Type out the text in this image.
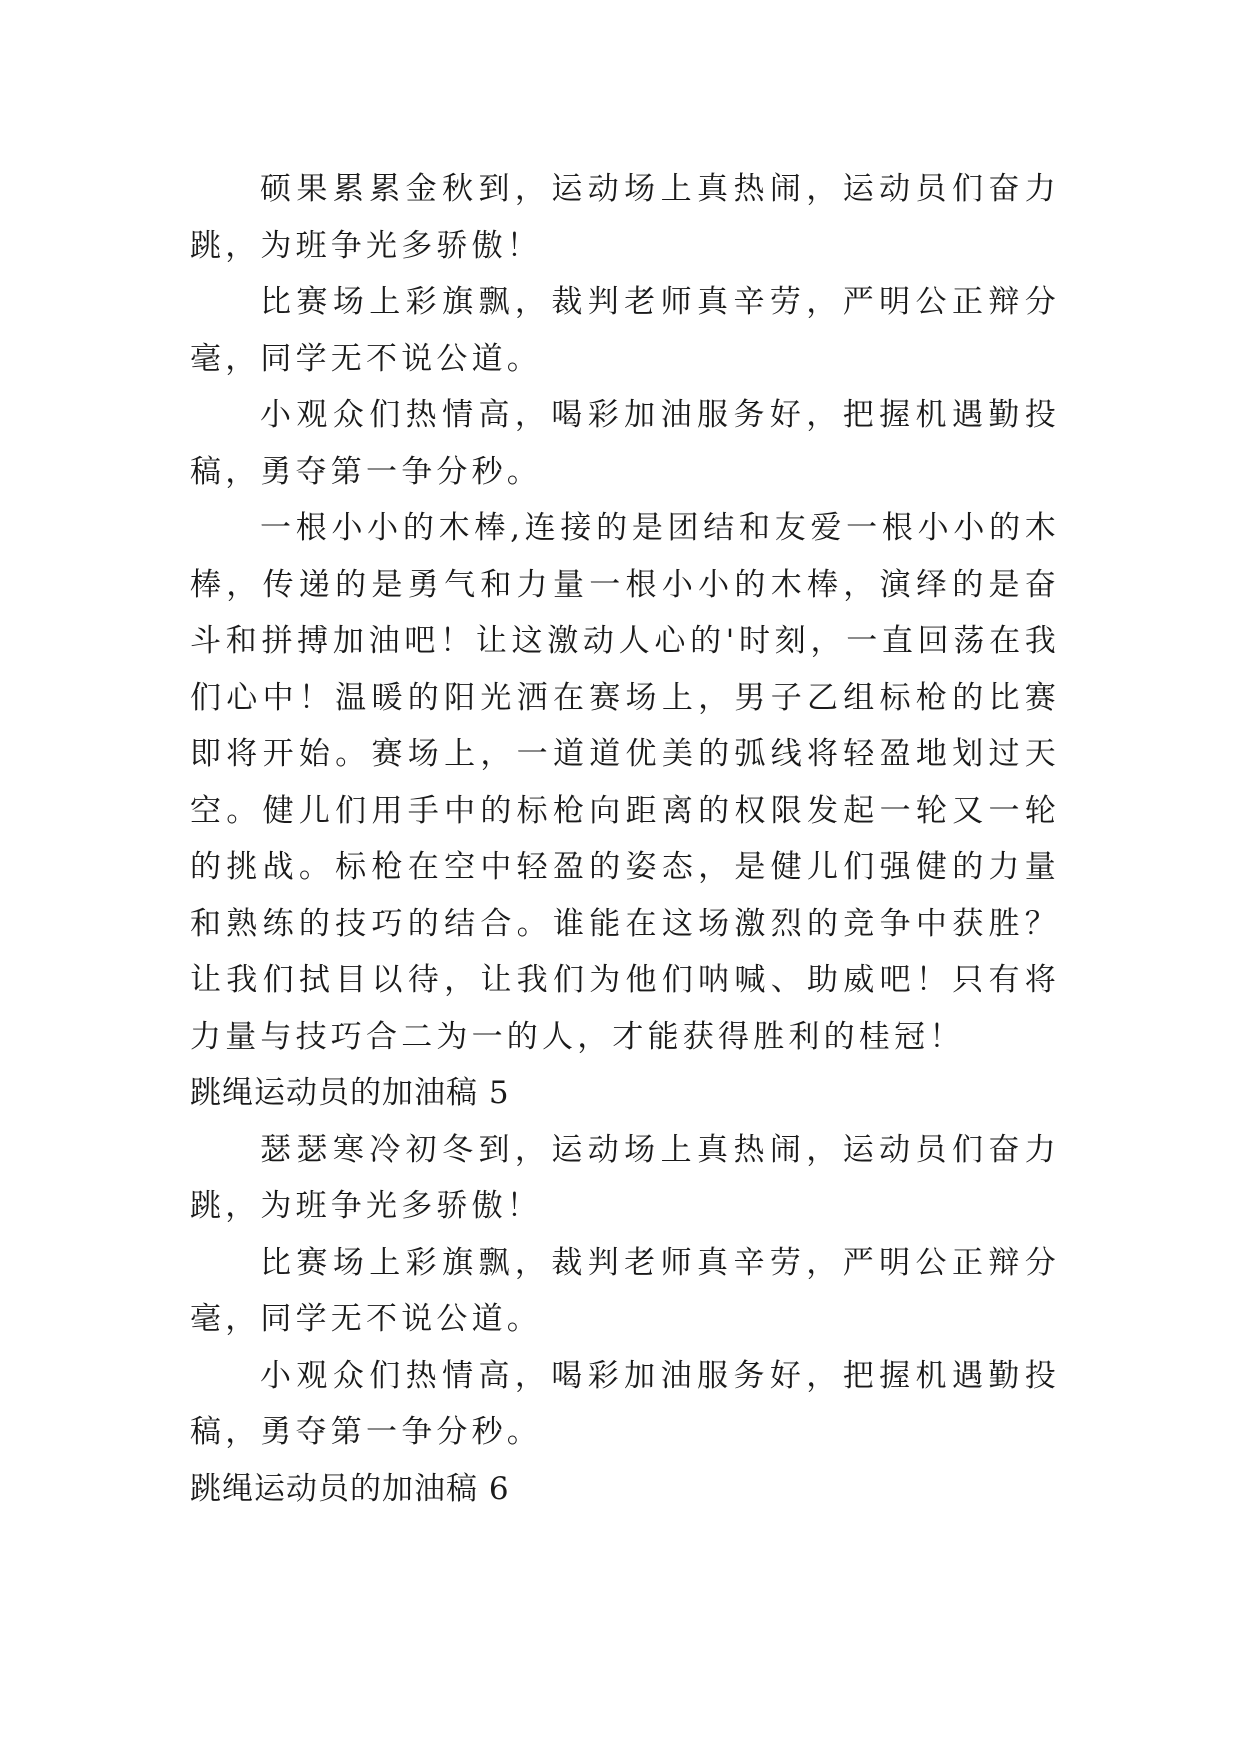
硕果累累金秋到，运动场上真热闹，运动员们奋力跳，为班争光多骄傲！

比赛场上彩旗飘，裁判老师真辛劳，严明公正辩分毫，同学无不说公道。

小观众们热情高，喝彩加油服务好，把握机遇勤投稿，勇夺第一争分秒。

一根小小的木棒,连接的是团结和友爱一根小小的木棒，传递的是勇气和力量一根小小的木棒，演绎的是奋斗和拼搏加油吧！让这激动人心的'时刻，一直回荡在我们心中！温暖的阳光洒在赛场上，男子乙组标枪的比赛即将开始。赛场上，一道道优美的弧线将轻盈地划过天空。健儿们用手中的标枪向距离的权限发起一轮又一轮的挑战。标枪在空中轻盈的姿态，是健儿们强健的力量和熟练的技巧的结合。谁能在这场激烈的竞争中获胜？让我们拭目以待，让我们为他们呐喊、助威吧！只有将力量与技巧合二为一的人，才能获得胜利的桂冠！

跳绳运动员的加油稿 5

瑟瑟寒冷初冬到，运动场上真热闹，运动员们奋力跳，为班争光多骄傲！

比赛场上彩旗飘，裁判老师真辛劳，严明公正辩分毫，同学无不说公道。

小观众们热情高，喝彩加油服务好，把握机遇勤投稿，勇夺第一争分秒。

跳绳运动员的加油稿 6
